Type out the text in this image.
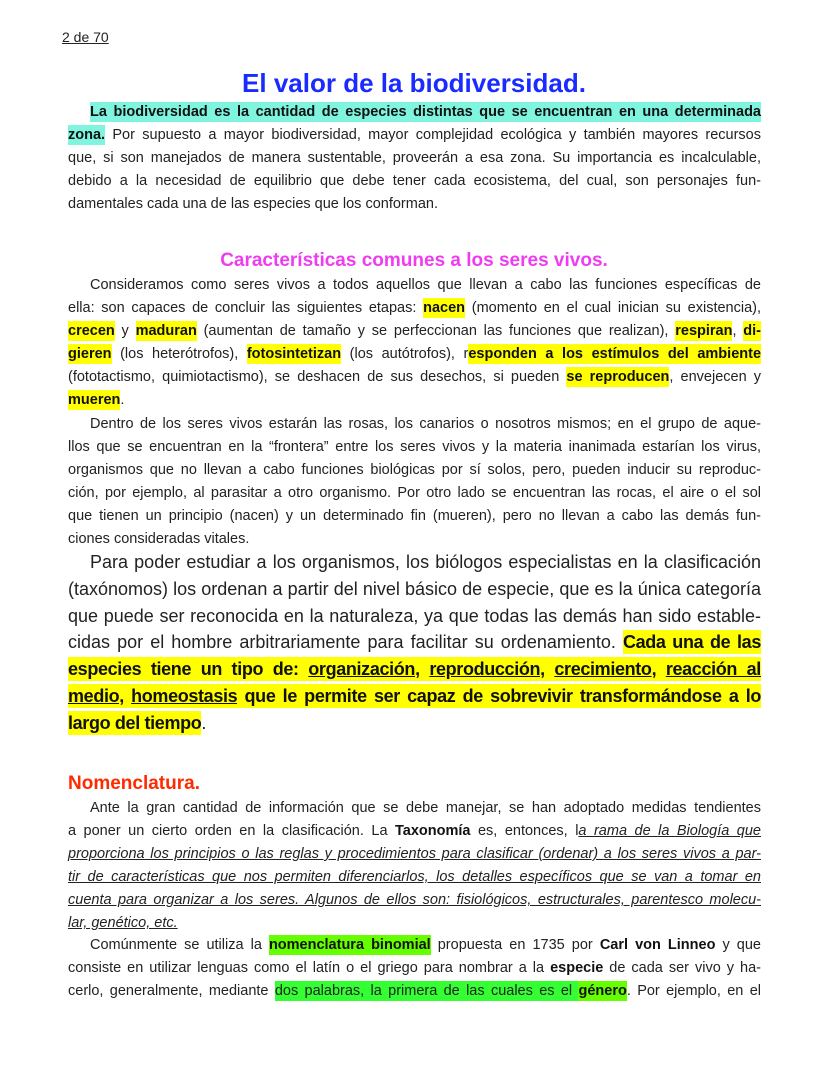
2 de 70
El valor de la biodiversidad.
La biodiversidad es la cantidad de especies distintas que se encuentran en una determinada
zona. Por supuesto a mayor biodiversidad, mayor complejidad ecológica y también mayores recursos
que, si son manejados de manera sustentable, proveerán a esa zona. Su importancia es incalculable,
debido a la necesidad de equilibrio que debe tener cada ecosistema, del cual, son personajes fun-
damentales cada una de las especies que los conforman.
Características comunes a los seres vivos.
Consideramos como seres vivos a todos aquellos que llevan a cabo las funciones específicas de
ella: son capaces de concluir las siguientes etapas: nacen (momento en el cual inician su existencia),
crecen y maduran (aumentan de tamaño y se perfeccionan las funciones que realizan), respiran, di-
gieren (los heterótrofos), fotosintetizan (los autótrofos), responden a los estímulos del ambiente
(fototactismo, quimiotactismo), se deshacen de sus desechos, si pueden se reproducen, envejecen y
mueren.
Dentro de los seres vivos estarán las rosas, los canarios o nosotros mismos; en el grupo de aque-
llos que se encuentran en la “frontera” entre los seres vivos y la materia inanimada estarían los virus,
organismos que no llevan a cabo funciones biológicas por sí solos, pero, pueden inducir su reproduc-
ción, por ejemplo, al parasitar a otro organismo. Por otro lado se encuentran las rocas, el aire o el sol
que tienen un principio (nacen) y un determinado fin (mueren), pero no llevan a cabo las demás fun-
ciones consideradas vitales.
Para poder estudiar a los organismos, los biólogos especialistas en la clasificación
(taxónomos) los ordenan a partir del nivel básico de especie, que es la única categoría
que puede ser reconocida en la naturaleza, ya que todas las demás han sido estable-
cidas por el hombre arbitrariamente para facilitar su ordenamiento. Cada una de las
especies tiene un tipo de: organización, reproducción, crecimiento, reacción al
medio, homeostasis que le permite ser capaz de sobrevivir transformándose a lo
largo del tiempo.
Nomenclatura.
Ante la gran cantidad de información que se debe manejar, se han adoptado medidas tendientes
a poner un cierto orden en la clasificación. La Taxonomía es, entonces, la rama de la Biología que
proporciona los principios o las reglas y procedimientos para clasificar (ordenar) a los seres vivos a par-
tir de características que nos permiten diferenciarlos, los detalles específicos que se van a tomar en
cuenta para organizar a los seres. Algunos de ellos son: fisiológicos, estructurales, parentesco molecu-
lar, genético, etc.
Comúnmente se utiliza la nomenclatura binomial propuesta en 1735 por Carl von Linneo y que
consiste en utilizar lenguas como el latín o el griego para nombrar a la especie de cada ser vivo y ha-
cerlo, generalmente, mediante dos palabras, la primera de las cuales es el género. Por ejemplo, en el
